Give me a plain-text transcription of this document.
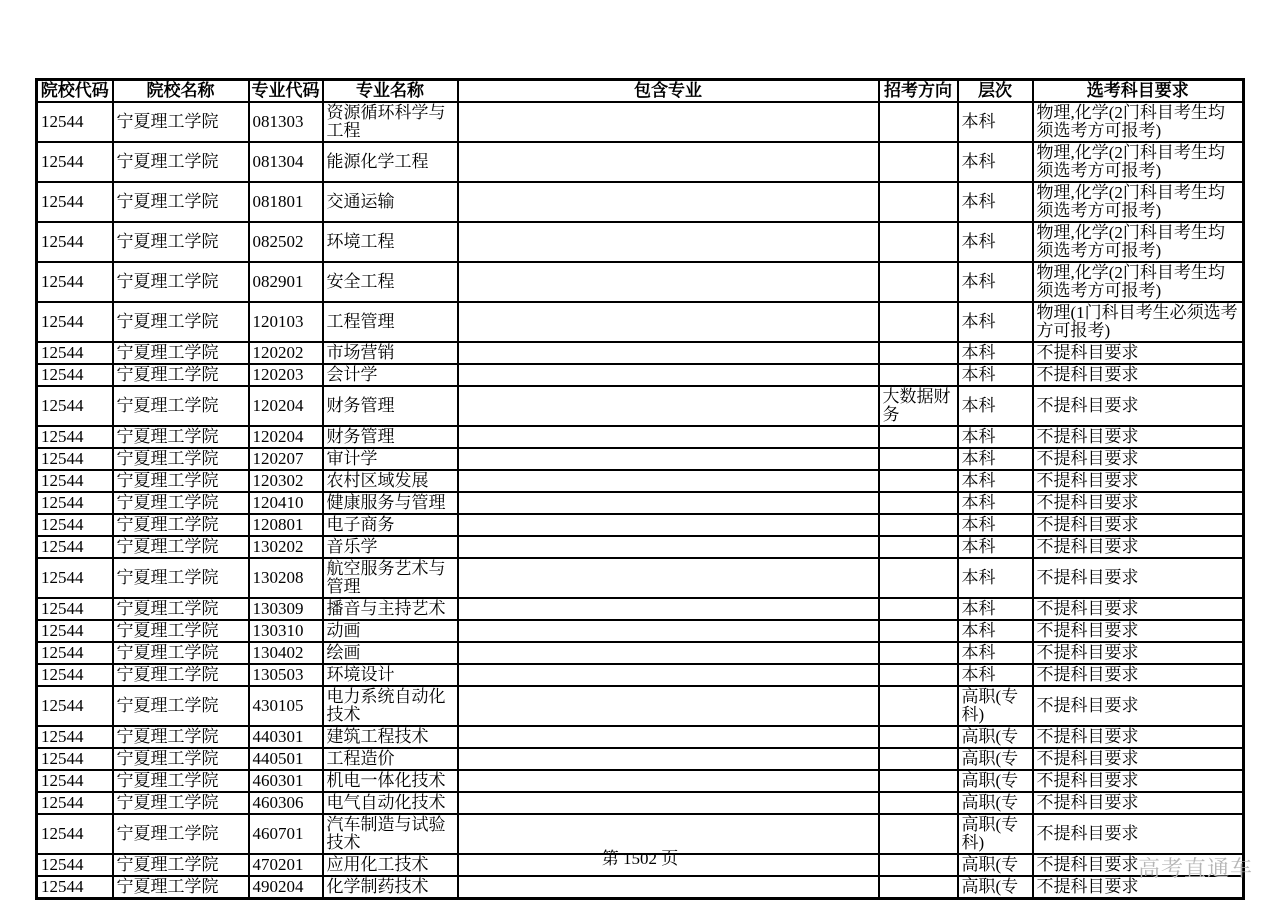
院校代码	院校名称	专业代码	专业名称	包含专业	招考方向	层次	选考科目要求
12544	宁夏理工学院	081303	资源循环科学与工程			本科	物理,化学(2门科目考生均须选考方可报考)
12544	宁夏理工学院	081304	能源化学工程			本科	物理,化学(2门科目考生均须选考方可报考)
12544	宁夏理工学院	081801	交通运输			本科	物理,化学(2门科目考生均须选考方可报考)
12544	宁夏理工学院	082502	环境工程			本科	物理,化学(2门科目考生均须选考方可报考)
12544	宁夏理工学院	082901	安全工程			本科	物理,化学(2门科目考生均须选考方可报考)
12544	宁夏理工学院	120103	工程管理			本科	物理(1门科目考生必须选考方可报考)
12544	宁夏理工学院	120202	市场营销			本科	不提科目要求
12544	宁夏理工学院	120203	会计学			本科	不提科目要求
12544	宁夏理工学院	120204	财务管理		大数据财务	本科	不提科目要求
12544	宁夏理工学院	120204	财务管理			本科	不提科目要求
12544	宁夏理工学院	120207	审计学			本科	不提科目要求
12544	宁夏理工学院	120302	农村区域发展			本科	不提科目要求
12544	宁夏理工学院	120410	健康服务与管理			本科	不提科目要求
12544	宁夏理工学院	120801	电子商务			本科	不提科目要求
12544	宁夏理工学院	130202	音乐学			本科	不提科目要求
12544	宁夏理工学院	130208	航空服务艺术与管理			本科	不提科目要求
12544	宁夏理工学院	130309	播音与主持艺术			本科	不提科目要求
12544	宁夏理工学院	130310	动画			本科	不提科目要求
12544	宁夏理工学院	130402	绘画			本科	不提科目要求
12544	宁夏理工学院	130503	环境设计			本科	不提科目要求
12544	宁夏理工学院	430105	电力系统自动化技术			高职(专科)	不提科目要求
12544	宁夏理工学院	440301	建筑工程技术			高职(专	不提科目要求
12544	宁夏理工学院	440501	工程造价			高职(专	不提科目要求
12544	宁夏理工学院	460301	机电一体化技术			高职(专	不提科目要求
12544	宁夏理工学院	460306	电气自动化技术			高职(专	不提科目要求
12544	宁夏理工学院	460701	汽车制造与试验技术			高职(专科)	不提科目要求
12544	宁夏理工学院	470201	应用化工技术			高职(专	不提科目要求
12544	宁夏理工学院	490204	化学制药技术			高职(专	不提科目要求
第 1502 页	高考直通车
